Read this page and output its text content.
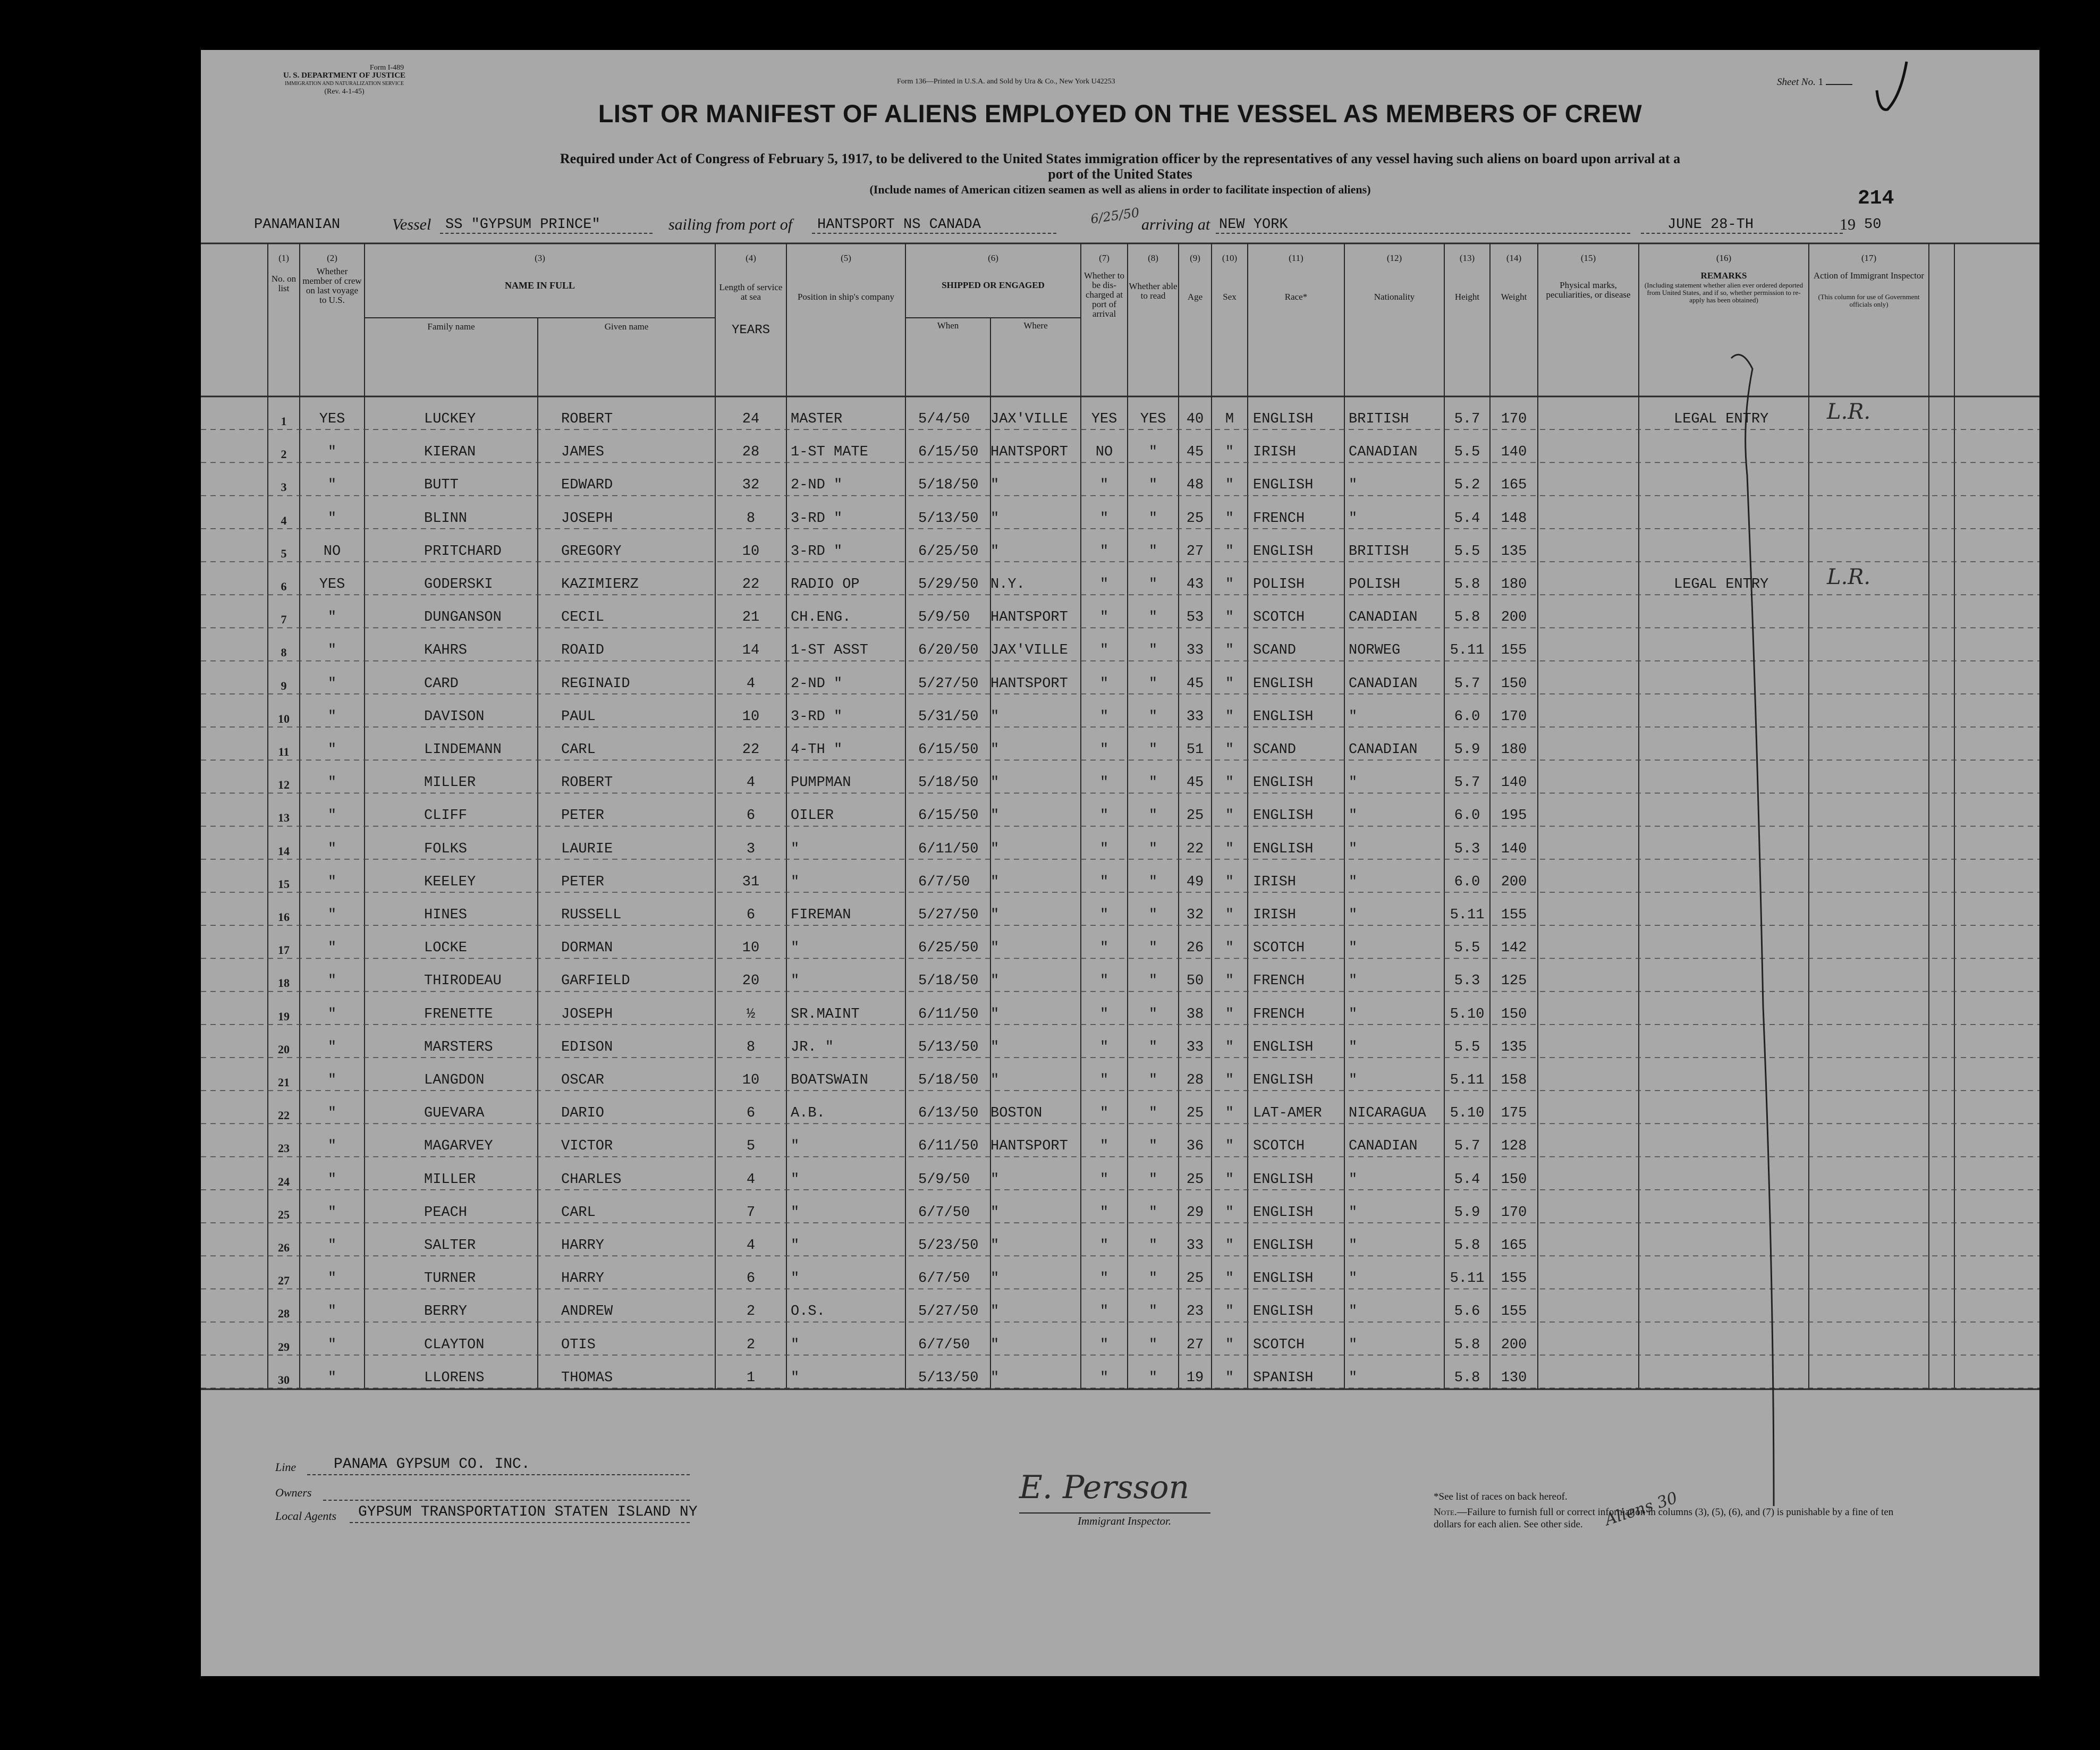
Form I-489
U. S. DEPARTMENT OF JUSTICE
IMMIGRATION AND NATURALIZATION SERVICE
(Rev. 4-1-45)
Form 136—Printed in U.S.A. and Sold by Ura & Co., New York U42253	Sheet No. 1
LIST OR MANIFEST OF ALIENS EMPLOYED ON THE VESSEL AS MEMBERS OF CREW
Required under Act of Congress of February 5, 1917, to be delivered to the United States immigration officer by the representatives of any vessel having such aliens on board upon arrival at a
port of the United States
(Include names of American citizen seamen as well as aliens in order to facilitate inspection of aliens)	214
PANAMANIAN	Vessel SS "GYPSUM PRINCE"	sailing from port of HANTSPORT NS CANADA	6/25/50 arriving at NEW YORK	JUNE 28-TH	19 50
(1)	(2)	(3)	(4)	(5)	(6)	(7)	(8)	(9)	(10)	(11)	(12)	(13)	(14)	(15)	(16)	(17)
No. on list
Whether member of crew on last voyage to U.S.
NAME IN FULL
Family name	Given name
Length of service at sea
YEARS
Position in ship's company
SHIPPED OR ENGAGED
When	Where
Whether to be dis-charged at port of arrival
Whether able to read	Age	Sex	Race*	Nationality	Height	Weight
Physical marks, peculiarities, or disease
REMARKS
(Including statement whether alien ever ordered deported from United States, and if so, whether permission to re-apply has been obtained)
Action of Immigrant Inspector
(This column for use of Government officials only)
1	YES	LUCKEY	ROBERT	24	MASTER	5/4/50	JAX'VILLE	YES	YES	40	M	ENGLISH	BRITISH	5.7	170	LEGAL ENTRY	L.R.
2	"	KIERAN	JAMES	28	1-ST MATE	6/15/50 HANTSPORT	NO	"	45	"	IRISH	CANADIAN	5.5	140
3	"	BUTT	EDWARD	32	2-ND "	5/18/50 "	"	"	48	"	ENGLISH	"	5.2	165
4	"	BLINN	JOSEPH	8	3-RD "	5/13/50 "	"	"	25	"	FRENCH	"	5.4	148
5	NO	PRITCHARD	GREGORY	10	3-RD "	6/25/50 "	"	"	27	"	ENGLISH	BRITISH	5.5	135
6	YES	GODERSKI	KAZIMIERZ	22	RADIO OP	5/29/50 N.Y.	"	"	43	"	POLISH	POLISH	5.8	180	LEGAL ENTRY	L.R.
7	"	DUNGANSON	CECIL	21	CH.ENG.	5/9/50	HANTSPORT	"	"	53	"	SCOTCH	CANADIAN	5.8	200
8	"	KAHRS	ROAID	14	1-ST ASST	6/20/50 JAX'VILLE	"	"	33	"	SCAND	NORWEG	5.11	155
9	"	CARD	REGINAID	4	2-ND "	5/27/50 HANTSPORT	"	"	45	"	ENGLISH	CANADIAN	5.7	150
10	"	DAVISON	PAUL	10	3-RD "	5/31/50 "	"	"	33	"	ENGLISH	"	6.0	170
11	"	LINDEMANN	CARL	22	4-TH "	6/15/50 "	"	"	51	"	SCAND	CANADIAN	5.9	180
12	"	MILLER	ROBERT	4	PUMPMAN	5/18/50 "	"	"	45	"	ENGLISH	"	5.7	140
13	"	CLIFF	PETER	6	OILER	6/15/50 "	"	"	25	"	ENGLISH	"	6.0	195
14	"	FOLKS	LAURIE	3	"	6/11/50 "	"	"	22	"	ENGLISH	"	5.3	140
15	"	KEELEY	PETER	31	"	6/7/50	"	"	"	49	"	IRISH	"	6.0	200
16	"	HINES	RUSSELL	6	FIREMAN	5/27/50 "	"	"	32	"	IRISH	"	5.11	155
17	"	LOCKE	DORMAN	10	"	6/25/50 "	"	"	26	"	SCOTCH	"	5.5	142
18	"	THIRODEAU	GARFIELD	20	"	5/18/50 "	"	"	50	"	FRENCH	"	5.3	125
19	"	FRENETTE	JOSEPH	½	SR.MAINT	6/11/50 "	"	"	38	"	FRENCH	"	5.10	150
20	"	MARSTERS	EDISON	8	JR. "	5/13/50 "	"	"	33	"	ENGLISH	"	5.5	135
21	"	LANGDON	OSCAR	10	BOATSWAIN	5/18/50 "	"	"	28	"	ENGLISH	"	5.11	158
22	"	GUEVARA	DARIO	6	A.B.	6/13/50 BOSTON	"	"	25	"	LAT-AMER	NICARAGUA	5.10	175
23	"	MAGARVEY	VICTOR	5	"	6/11/50 HANTSPORT	"	"	36	"	SCOTCH	CANADIAN	5.7	128
24	"	MILLER	CHARLES	4	"	5/9/50	"	"	"	25	"	ENGLISH	"	5.4	150
25	"	PEACH	CARL	7	"	6/7/50	"	"	"	29	"	ENGLISH	"	5.9	170
26	"	SALTER	HARRY	4	"	5/23/50 "	"	"	33	"	ENGLISH	"	5.8	165
27	"	TURNER	HARRY	6	"	6/7/50	"	"	"	25	"	ENGLISH	"	5.11	155
28	"	BERRY	ANDREW	2	O.S.	5/27/50 "	"	"	23	"	ENGLISH	"	5.6	155
29	"	CLAYTON	OTIS	2	"	6/7/50	"	"	"	27	"	SCOTCH	"	5.8	200
30	"	LLORENS	THOMAS	1	"	5/13/50 "	"	"	19	"	SPANISH	"	5.8	130
Aliens 30
Line	PANAMA GYPSUM CO. INC.
Owners
Local Agents GYPSUM TRANSPORTATION STATEN ISLAND NY
E. Persson
Immigrant Inspector.
*See list of races on back hereof.
Note.—Failure to furnish full or correct information in columns (3), (5), (6), and (7) is punishable by a fine of ten dollars for each alien. See other side.
